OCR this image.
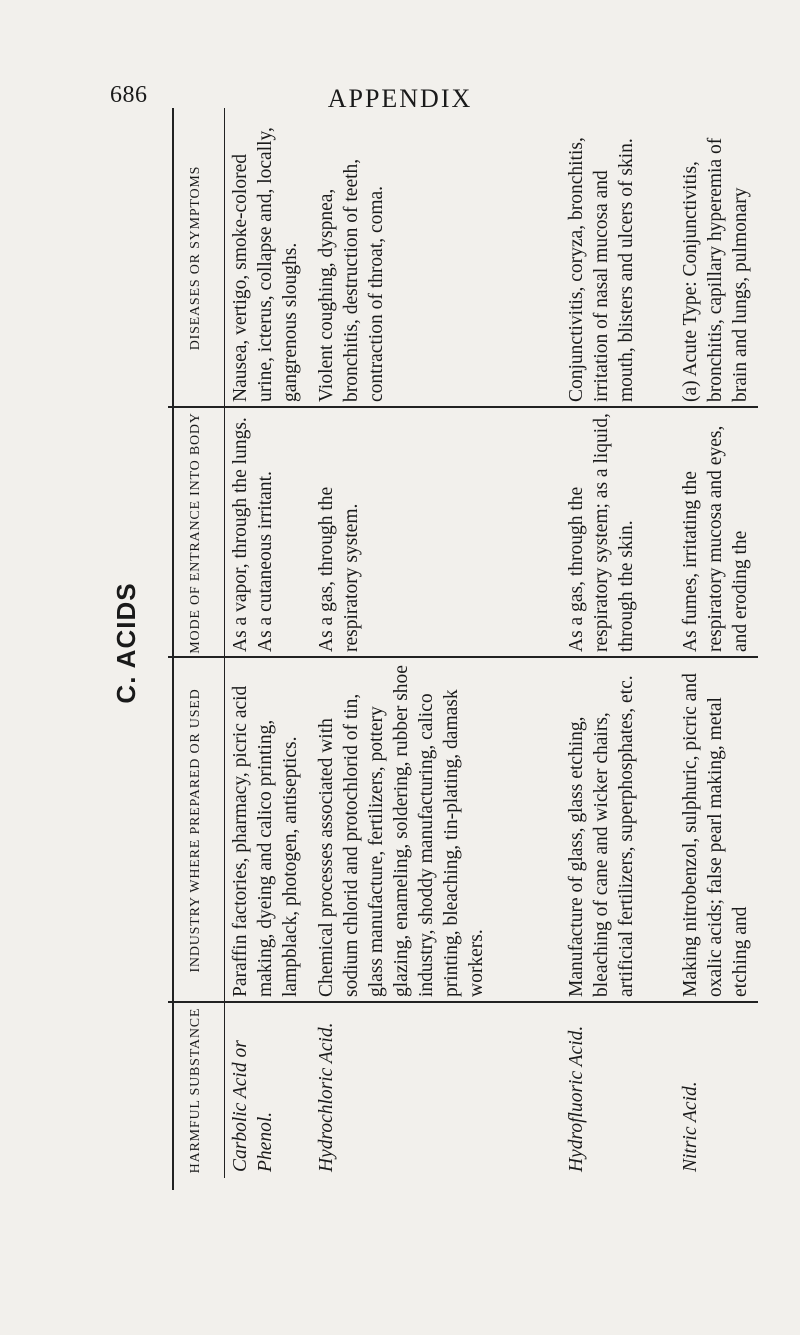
686	APPENDIX
C. ACIDS
HARMFUL SUBSTANCE
INDUSTRY WHERE PREPARED OR USED
MODE OF ENTRANCE INTO BODY
DISEASES OR SYMPTOMS
Carbolic Acid or Phenol.
Paraffin factories, pharmacy, picric acid making, dyeing and calico printing, lampblack, photogen, antiseptics.
As a vapor, through the lungs. As a cutaneous irritant.
Nausea, vertigo, smoke-colored urine, icterus, collapse and, locally, gangrenous sloughs.
Hydrochloric Acid.
Chemical processes associated with sodium chlorid and protochlorid of tin, glass manufacture, fertilizers, pottery glazing, enameling, soldering, rubber shoe industry, shoddy manufacturing, calico printing, bleaching, tin-plating, damask workers.
As a gas, through the respiratory system.
Violent coughing, dyspnea, bronchitis, destruction of teeth, contraction of throat, coma.
Hydrofluoric Acid.
Manufacture of glass, glass etching, bleaching of cane and wicker chairs, artificial fertilizers, superphosphates, etc.
As a gas, through the respiratory system; as a liquid, through the skin.
Conjunctivitis, coryza, bronchitis, irritation of nasal mucosa and mouth, blisters and ulcers of skin.
Nitric Acid.
Making nitrobenzol, sulphuric, picric and oxalic acids; false pearl making, metal etching and
As fumes, irritating the respiratory mucosa and eyes, and eroding the
(a) Acute Type: Conjunctivitis, bronchitis, capillary hyperemia of brain and lungs, pulmonary
